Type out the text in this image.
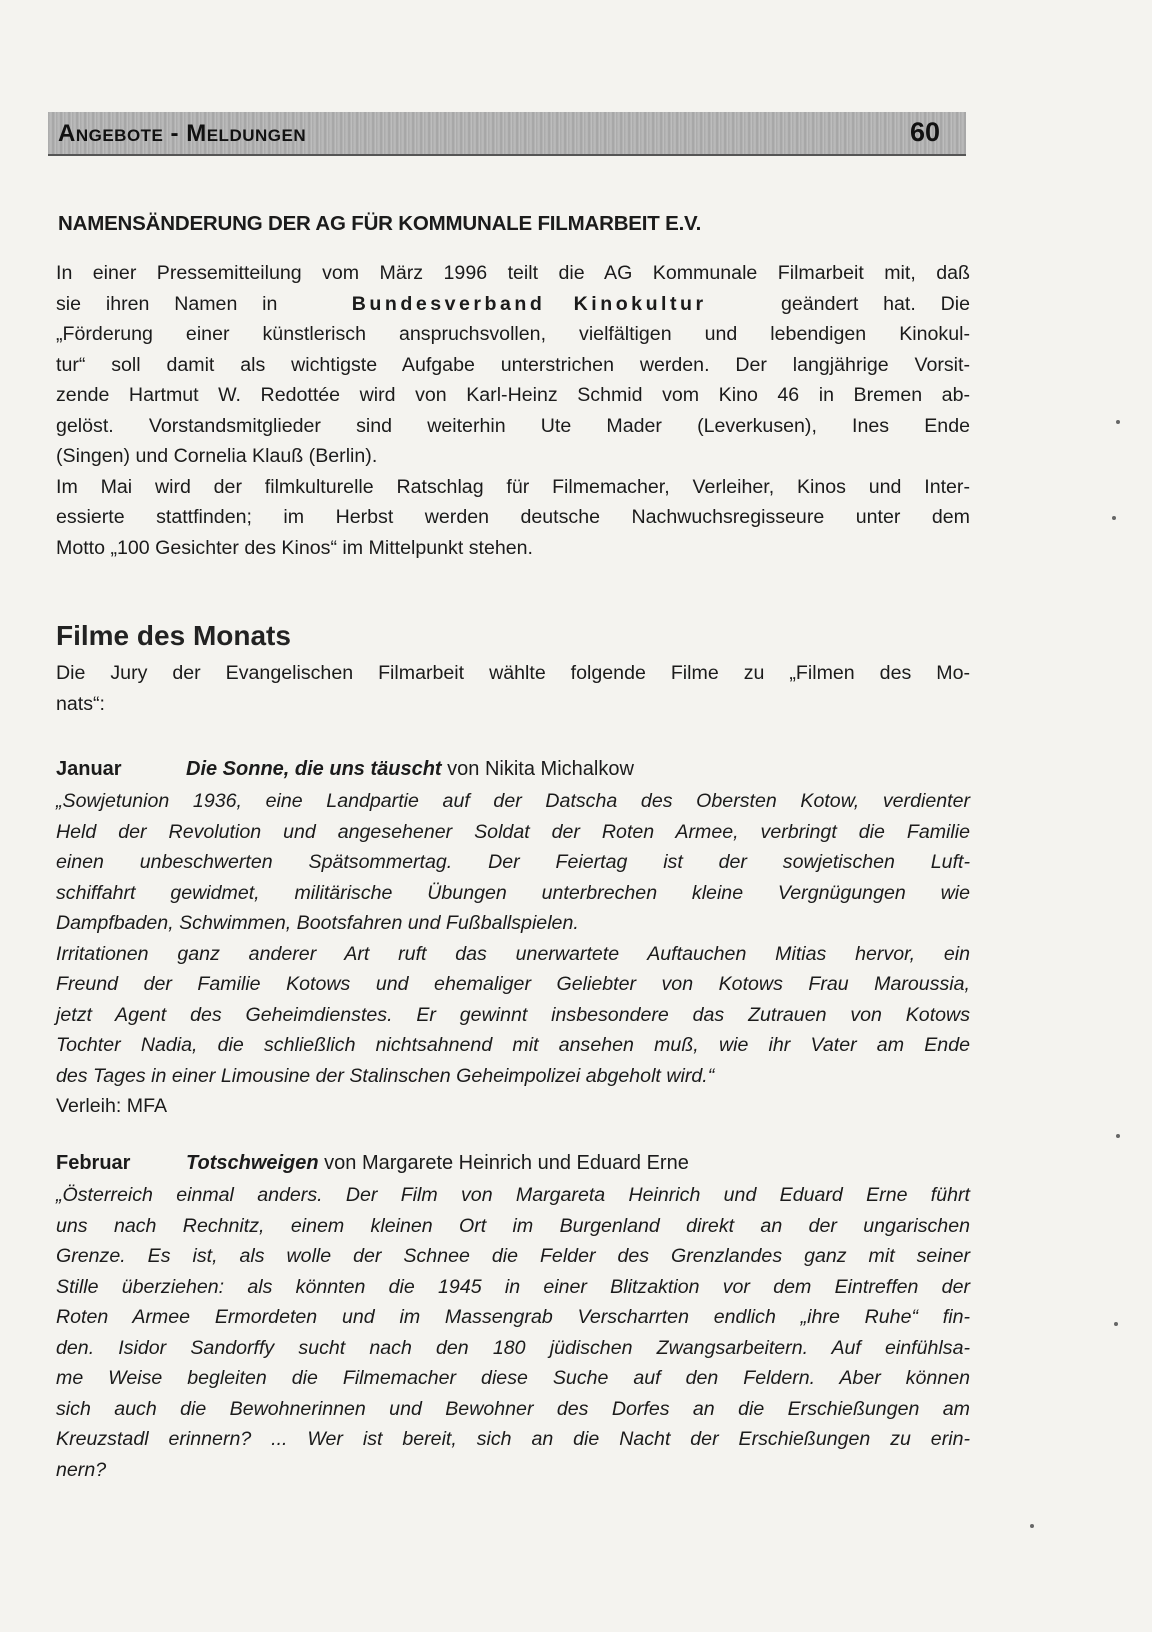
Angebote - Meldungen	60
NAMENSÄNDERUNG DER AG FÜR KOMMUNALE FILMARBEIT E.V.
In einer Pressemitteilung vom März 1996 teilt die AG Kommunale Filmarbeit mit, daß
sie ihren Namen in	Bundesverband Kinokultur	geändert hat. Die
„Förderung einer künstlerisch anspruchsvollen, vielfältigen und lebendigen Kinokul-
tur“ soll damit als wichtigste Aufgabe unterstrichen werden. Der langjährige Vorsit-
zende Hartmut W. Redottée wird von Karl-Heinz Schmid vom Kino 46 in Bremen ab-
gelöst. Vorstandsmitglieder sind weiterhin Ute Mader (Leverkusen), Ines Ende
(Singen) und Cornelia Klauß (Berlin).
Im Mai wird der filmkulturelle Ratschlag für Filmemacher, Verleiher, Kinos und Inter-
essierte stattfinden; im Herbst werden deutsche Nachwuchsregisseure unter dem
Motto „100 Gesichter des Kinos“ im Mittelpunkt stehen.
Filme des Monats
Die Jury der Evangelischen Filmarbeit wählte folgende Filme zu „Filmen des Mo-
nats“:
Januar	Die Sonne, die uns täuscht von Nikita Michalkow
„Sowjetunion 1936, eine Landpartie auf der Datscha des Obersten Kotow, verdienter
Held der Revolution und angesehener Soldat der Roten Armee, verbringt die Familie
einen unbeschwerten Spätsommertag. Der Feiertag ist der sowjetischen Luft-
schiffahrt gewidmet, militärische Übungen unterbrechen kleine Vergnügungen wie
Dampfbaden, Schwimmen, Bootsfahren und Fußballspielen.
Irritationen ganz anderer Art ruft das unerwartete Auftauchen Mitias hervor, ein
Freund der Familie Kotows und ehemaliger Geliebter von Kotows Frau Maroussia,
jetzt Agent des Geheimdienstes. Er gewinnt insbesondere das Zutrauen von Kotows
Tochter Nadia, die schließlich nichtsahnend mit ansehen muß, wie ihr Vater am Ende
des Tages in einer Limousine der Stalinschen Geheimpolizei abgeholt wird.“
Verleih: MFA
Februar	Totschweigen von Margarete Heinrich und Eduard Erne
„Österreich einmal anders. Der Film von Margareta Heinrich und Eduard Erne führt
uns nach Rechnitz, einem kleinen Ort im Burgenland direkt an der ungarischen
Grenze. Es ist, als wolle der Schnee die Felder des Grenzlandes ganz mit seiner
Stille überziehen: als könnten die 1945 in einer Blitzaktion vor dem Eintreffen der
Roten Armee Ermordeten und im Massengrab Verscharrten endlich „ihre Ruhe“ fin-
den. Isidor Sandorffy sucht nach den 180 jüdischen Zwangsarbeitern. Auf einfühlsa-
me Weise begleiten die Filmemacher diese Suche auf den Feldern. Aber können
sich auch die Bewohnerinnen und Bewohner des Dorfes an die Erschießungen am
Kreuzstadl erinnern? ... Wer ist bereit, sich an die Nacht der Erschießungen zu erin-
nern?
